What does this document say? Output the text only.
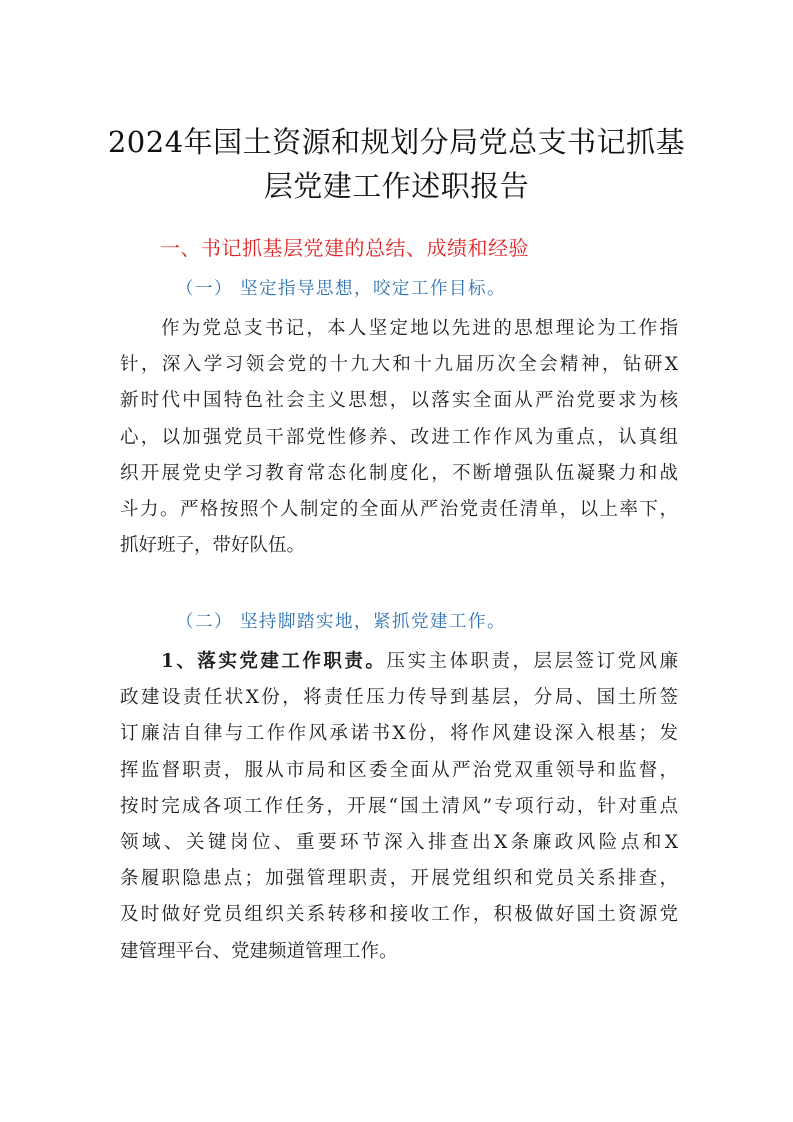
2024年国土资源和规划分局党总支书记抓基
层党建工作述职报告
一、书记抓基层党建的总结、成绩和经验
（一） 坚定指导思想，咬定工作目标。
作为党总支书记，本人坚定地以先进的思想理论为工作指
针，深入学习领会党的十九大和十九届历次全会精神，钻研X
新时代中国特色社会主义思想，以落实全面从严治党要求为核
心，以加强党员干部党性修养、改进工作作风为重点，认真组
织开展党史学习教育常态化制度化，不断增强队伍凝聚力和战
斗力。严格按照个人制定的全面从严治党责任清单，以上率下，
抓好班子，带好队伍。
（二） 坚持脚踏实地，紧抓党建工作。
1、落实党建工作职责。压实主体职责，层层签订党风廉
政建设责任状X份，将责任压力传导到基层，分局、国土所签
订廉洁自律与工作作风承诺书X份，将作风建设深入根基；发
挥监督职责，服从市局和区委全面从严治党双重领导和监督，
按时完成各项工作任务，开展“国土清风”专项行动，针对重点
领域、关键岗位、重要环节深入排查出X条廉政风险点和X
条履职隐患点；加强管理职责，开展党组织和党员关系排查，
及时做好党员组织关系转移和接收工作，积极做好国土资源党
建管理平台、党建频道管理工作。
